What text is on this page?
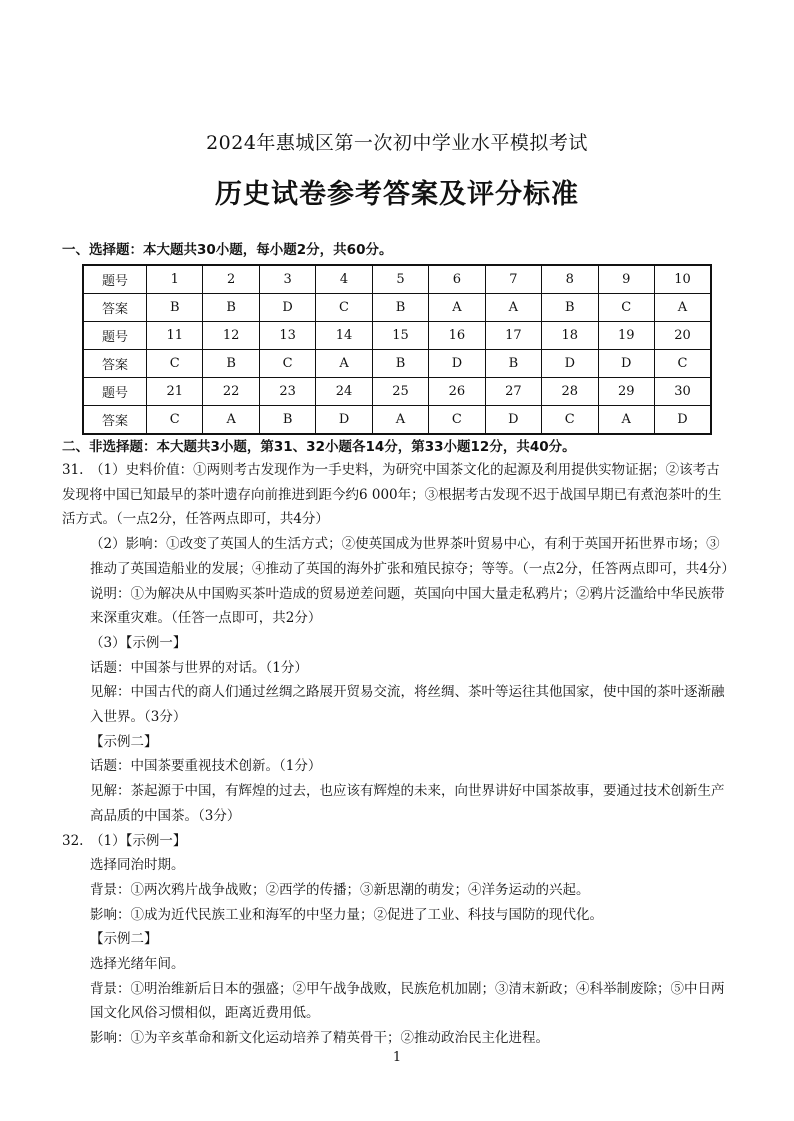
2024年惠城区第一次初中学业水平模拟考试
历史试卷参考答案及评分标准
一、选择题：本大题共30小题，每小题2分，共60分。
题号	1	2	3	4	5	6	7	8	9	10
答案	B	B	D	C	B	A	A	B	C	A
题号	11	12	13	14	15	16	17	18	19	20
答案	C	B	C	A	B	D	B	D	D	C
题号	21	22	23	24	25	26	27	28	29	30
答案	C	A	B	D	A	C	D	C	A	D
二、非选择题：本大题共3小题，第31、32小题各14分，第33小题12分，共40分。

31. （1）史料价值：①两则考古发现作为一手史料，为研究中国茶文化的起源及利用提供实物证据；②该考古发现将中国已知最早的茶叶遗存向前推进到距今约6 000年；③根据考古发现不迟于战国早期已有煮泡茶叶的生活方式。（一点2分，任答两点即可，共4分）

（2）影响：①改变了英国人的生活方式；②使英国成为世界茶叶贸易中心，有利于英国开拓世界市场；③推动了英国造船业的发展；④推动了英国的海外扩张和殖民掠夺；等等。（一点2分，任答两点即可，共4分）说明：①为解决从中国购买茶叶造成的贸易逆差问题，英国向中国大量走私鸦片；②鸦片泛滥给中华民族带来深重灾难。（任答一点即可，共2分）

（3）【示例一】

话题：中国茶与世界的对话。（1分）

见解：中国古代的商人们通过丝绸之路展开贸易交流，将丝绸、茶叶等运往其他国家，使中国的茶叶逐渐融入世界。（3分）

【示例二】

话题：中国茶要重视技术创新。（1分）

见解：茶起源于中国，有辉煌的过去，也应该有辉煌的未来，向世界讲好中国茶故事，要通过技术创新生产高品质的中国茶。（3分）

32. （1）【示例一】

选择同治时期。

背景：①两次鸦片战争战败；②西学的传播；③新思潮的萌发；④洋务运动的兴起。

影响：①成为近代民族工业和海军的中坚力量；②促进了工业、科技与国防的现代化。

【示例二】

选择光绪年间。

背景：①明治维新后日本的强盛；②甲午战争战败，民族危机加剧；③清末新政；④科举制废除；⑤中日两国文化风俗习惯相似，距离近费用低。

影响：①为辛亥革命和新文化运动培养了精英骨干；②推动政治民主化进程。

1
